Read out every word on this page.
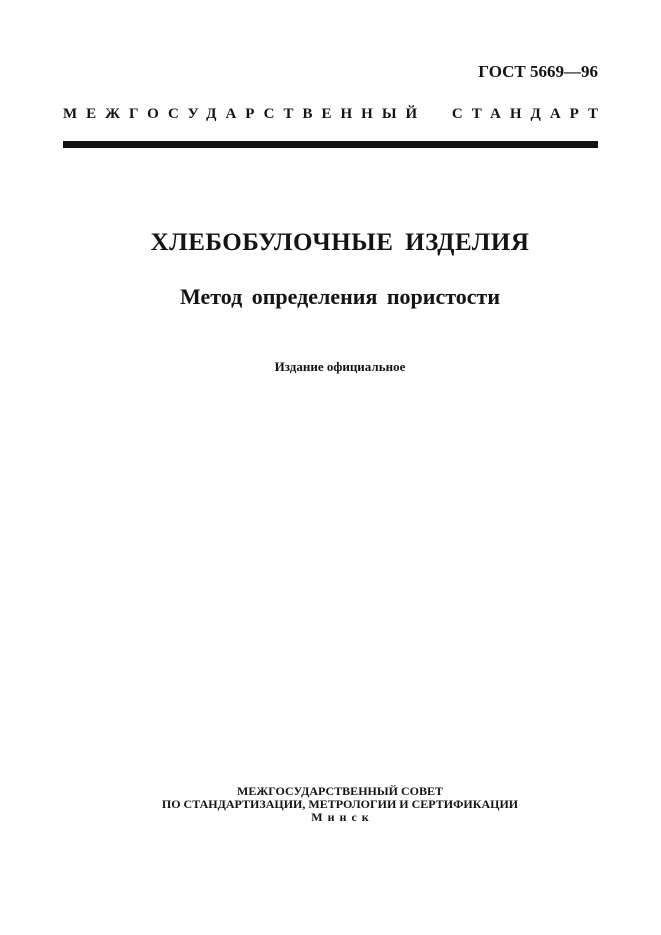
ГОСТ 5669—96
МЕЖГОСУДАРСТВЕННЫЙ СТАНДАРТ
ХЛЕБОБУЛОЧНЫЕ ИЗДЕЛИЯ
Метод определения пористости
Издание официальное
МЕЖГОСУДАРСТВЕННЫЙ СОВЕТ
ПО СТАНДАРТИЗАЦИИ, МЕТРОЛОГИИ И СЕРТИФИКАЦИИ
Минск
